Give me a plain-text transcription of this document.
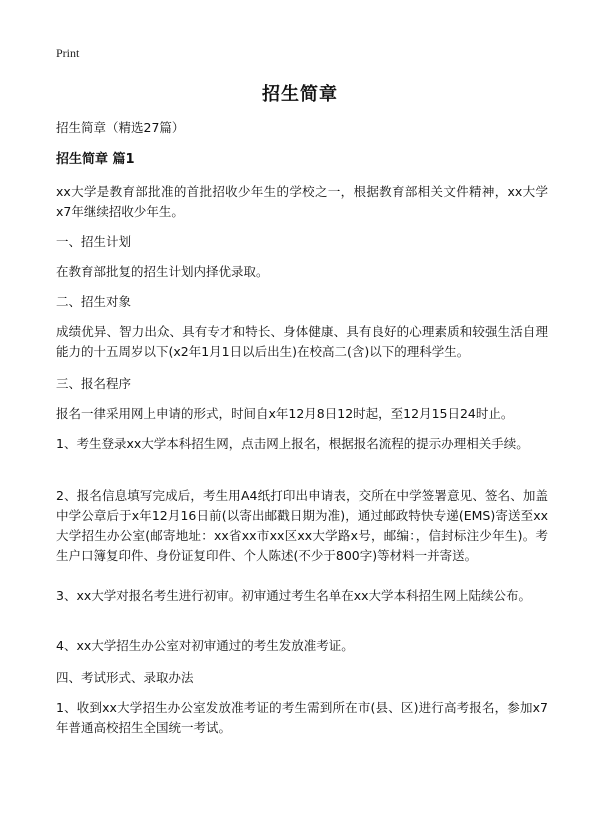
Print
招生简章

招生简章（精选27篇）

招生简章 篇1

xx大学是教育部批准的首批招收少年生的学校之一，根据教育部相关文件精神，xx大学x7年继续招收少年生。

一、招生计划

在教育部批复的招生计划内择优录取。

二、招生对象

成绩优异、智力出众、具有专才和特长、身体健康、具有良好的心理素质和较强生活自理能力的十五周岁以下(x2年1月1日以后出生)在校高二(含)以下的理科学生。

三、报名程序

报名一律采用网上申请的形式，时间自x年12月8日12时起，至12月15日24时止。

1、考生登录xx大学本科招生网，点击网上报名，根据报名流程的提示办理相关手续。

2、报名信息填写完成后，考生用A4纸打印出申请表，交所在中学签署意见、签名、加盖中学公章后于x年12月16日前(以寄出邮戳日期为准)，通过邮政特快专递(EMS)寄送至xx大学招生办公室(邮寄地址：xx省xx市xx区xx大学路x号，邮编：，信封标注少年生)。考生户口簿复印件、身份证复印件、个人陈述(不少于800字)等材料一并寄送。

3、xx大学对报名考生进行初审。初审通过考生名单在xx大学本科招生网上陆续公布。

4、xx大学招生办公室对初审通过的考生发放准考证。

四、考试形式、录取办法

1、收到xx大学招生办公室发放准考证的考生需到所在市(县、区)进行高考报名，参加x7年普通高校招生全国统一考试。
